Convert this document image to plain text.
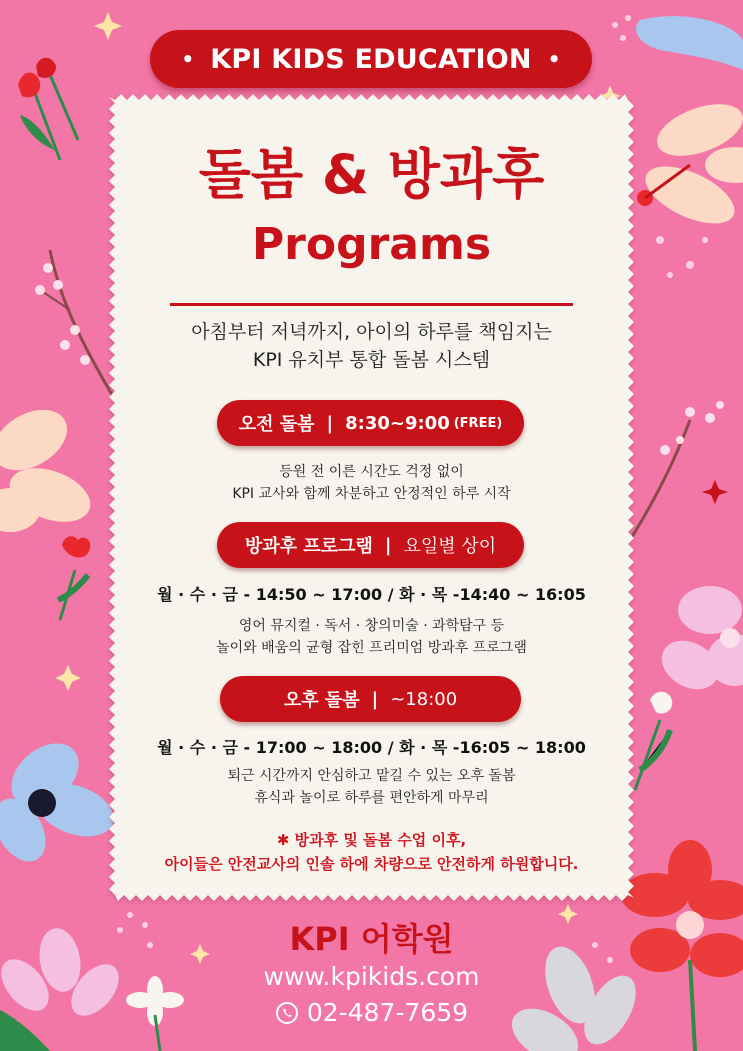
• KPI KIDS EDUCATION •
돌봄 & 방과후
Programs
아침부터 저녁까지, 아이의 하루를 책임지는
KPI 유치부 통합 돌봄 시스템
오전 돌봄 | 8:30~9:00 (FREE)
등원 전 이른 시간도 걱정 없이
KPI 교사와 함께 차분하고 안정적인 하루 시작
방과후 프로그램 | 요일별 상이
월 · 수 · 금 - 14:50 ~ 17:00 / 화 · 목 -14:40 ~ 16:05
영어 뮤지컬 · 독서 · 창의미술 · 과학탐구 등
놀이와 배움의 균형 잡힌 프리미엄 방과후 프로그램
오후 돌봄 | ~18:00
월 · 수 · 금 - 17:00 ~ 18:00 / 화 · 목 -16:05 ~ 18:00
퇴근 시간까지 안심하고 맡길 수 있는 오후 돌봄
휴식과 놀이로 하루를 편안하게 마무리
✱ 방과후 및 돌봄 수업 이후,
아이들은 안전교사의 인솔 하에 차량으로 안전하게 하원합니다.
KPI 어학원
www.kpikids.com
02-487-7659
